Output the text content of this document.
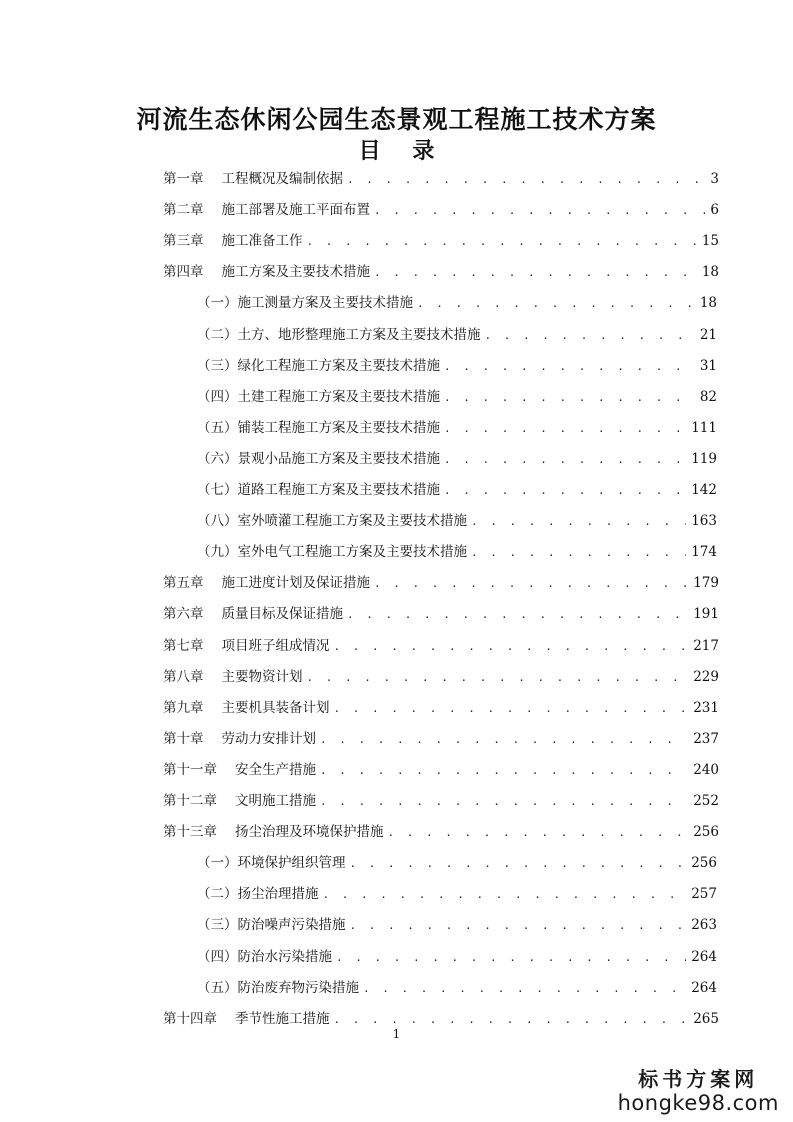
河流生态休闲公园生态景观工程施工技术方案
目 录
第一章 工程概况及编制依据 . . .	3
第二章 施工部署及施工平面布置 . . .	6
第三章 施工准备工作 . . .	15
第四章 施工方案及主要技术措施 . . .	18
（一）施工测量方案及主要技术措施 . . .	18
（二）土方、地形整理施工方案及主要技术措施 . . .	21
（三）绿化工程施工方案及主要技术措施 . . .	31
（四）土建工程施工方案及主要技术措施 . . .	82
（五）铺装工程施工方案及主要技术措施 . . .	111
（六）景观小品施工方案及主要技术措施 . . .	119
（七）道路工程施工方案及主要技术措施 . . .	142
（八）室外喷灌工程施工方案及主要技术措施 . . .	163
（九）室外电气工程施工方案及主要技术措施 . . .	174
第五章 施工进度计划及保证措施 . . .	179
第六章 质量目标及保证措施 . . .	191
第七章 项目班子组成情况 . . .	217
第八章 主要物资计划 . . .	229
第九章 主要机具装备计划 . . .	231
第十章 劳动力安排计划 . . .	237
第十一章 安全生产措施 . . .	240
第十二章 文明施工措施 . . .	252
第十三章 扬尘治理及环境保护措施 . . .	256
（一）环境保护组织管理 . . .	256
（二）扬尘治理措施 . . .	257
（三）防治噪声污染措施 . . .	263
（四）防治水污染措施 . . .	264
（五）防治废弃物污染措施 . . .	264
第十四章 季节性施工措施 . . .	265
1
标书方案网
hongke98.com
